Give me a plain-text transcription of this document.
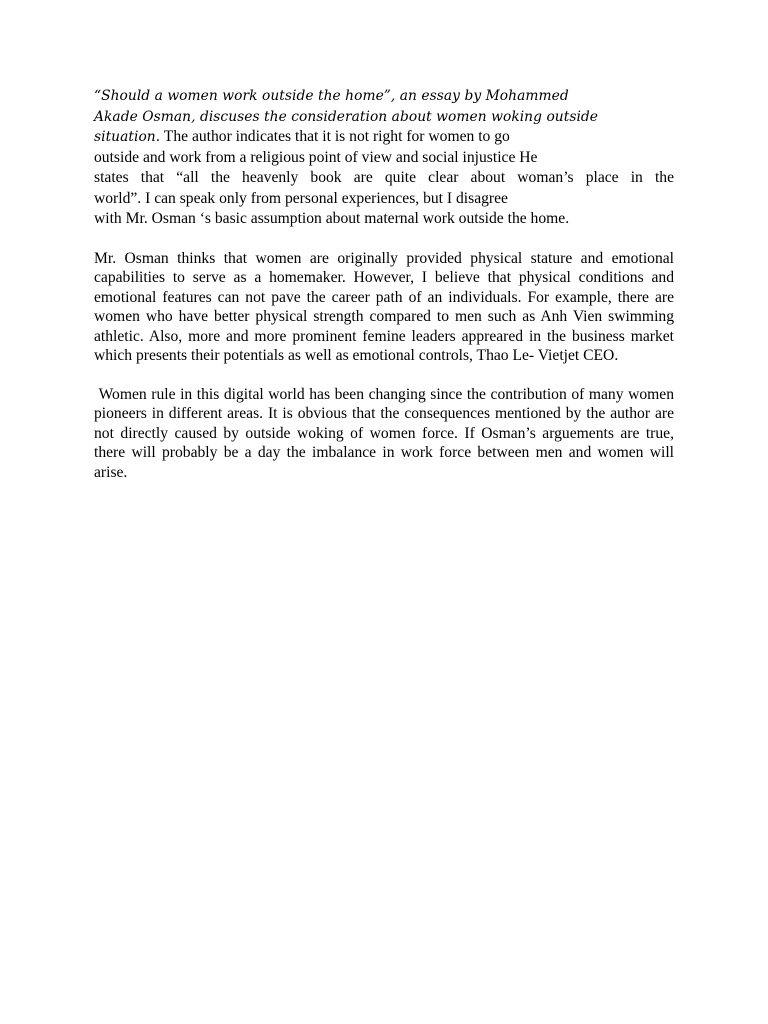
“Should a women work outside the home”, an essay by Mohammed
Akade Osman, discuses the consideration about women woking outside
situation. The author indicates that it is not right for women to go
outside and work from a religious point of view and social injustice He
states that “all the heavenly book are quite clear about woman’s place in the
world”. I can speak only from personal experiences, but I disagree
with Mr. Osman ‘s basic assumption about maternal work outside the home.

Mr. Osman thinks that women are originally provided physical stature and emotional capabilities to serve as a homemaker. However, I believe that physical conditions and emotional features can not pave the career path of an individuals. For example, there are women who have better physical strength compared to men such as Anh Vien swimming athletic. Also, more and more prominent femine leaders appreared in the business market which presents their potentials as well as emotional controls, Thao Le- Vietjet CEO.

Women rule in this digital world has been changing since the contribution of many women pioneers in different areas. It is obvious that the consequences mentioned by the author are not directly caused by outside woking of women force. If Osman’s arguements are true, there will probably be a day the imbalance in work force between men and women will arise.
